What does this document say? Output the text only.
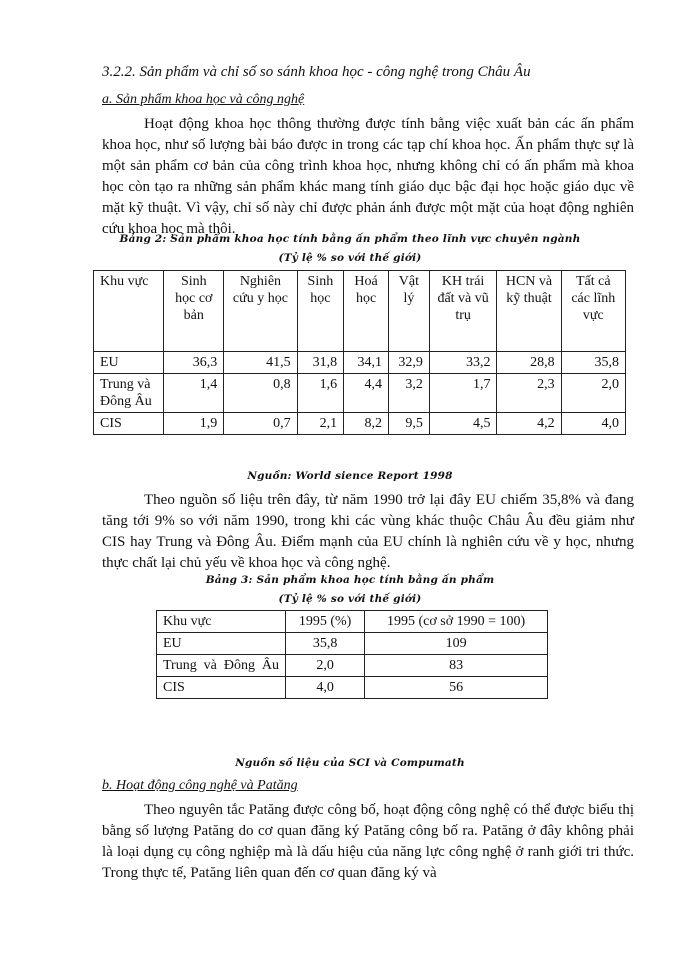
3.2.2. Sản phẩm và chỉ số so sánh khoa học - công nghệ trong Châu Âu
a. Sản phẩm khoa học và công nghệ

Hoạt động khoa học thông thường được tính bằng việc xuất bản các ấn phẩm khoa học, như số lượng bài báo được in trong các tạp chí khoa học. Ấn phẩm thực sự là một sản phẩm cơ bản của công trình khoa học, nhưng không chỉ có ấn phẩm mà khoa học còn tạo ra những sản phẩm khác mang tính giáo dục bậc đại học hoặc giáo dục về mặt kỹ thuật. Vì vậy, chỉ số này chỉ được phản ánh được một mặt của hoạt động nghiên cứu khoa học mà thôi.

Bảng 2: Sản phẩm khoa học tính bằng ấn phẩm theo lĩnh vực chuyên ngành
(Tỷ lệ % so với thế giới)
Khu vực	Sinh học cơ bản	Nghiên cứu y học	Sinh học	Hoá học	Vật lý	KH trái đất và vũ trụ	HCN và kỹ thuật	Tất cả các lĩnh vực
EU	36,3	41,5	31,8	34,1	32,9	33,2	28,8	35,8
Trung và Đông Âu	1,4	0,8	1,6	4,4	3,2	1,7	2,3	2,0
CIS	1,9	0,7	2,1	8,2	9,5	4,5	4,2	4,0
Nguồn: World sience Report 1998

Theo nguồn số liệu trên đây, từ năm 1990 trở lại đây EU chiếm 35,8% và đang tăng tới 9% so với năm 1990, trong khi các vùng khác thuộc Châu Âu đều giảm như CIS hay Trung và Đông Âu. Điểm mạnh của EU chính là nghiên cứu về y học, nhưng thực chất lại chủ yếu về khoa học và công nghệ.

Bảng 3: Sản phẩm khoa học tính bằng ấn phẩm
(Tỷ lệ % so với thế giới)
Khu vực	1995 (%)	1995 (cơ sở 1990 = 100)
EU	35,8	109
Trung và Đông Âu	2,0	83
CIS	4,0	56
Nguồn số liệu của SCI và Compumath
b. Hoạt động công nghệ và Patăng

Theo nguyên tắc Patăng được công bố, hoạt động công nghệ có thể được biểu thị bằng số lượng Patăng do cơ quan đăng ký Patăng công bố ra. Patăng ở đây không phải là loại dụng cụ công nghiệp mà là dấu hiệu của năng lực công nghệ ở ranh giới tri thức. Trong thực tế, Patăng liên quan đến cơ quan đăng ký và
